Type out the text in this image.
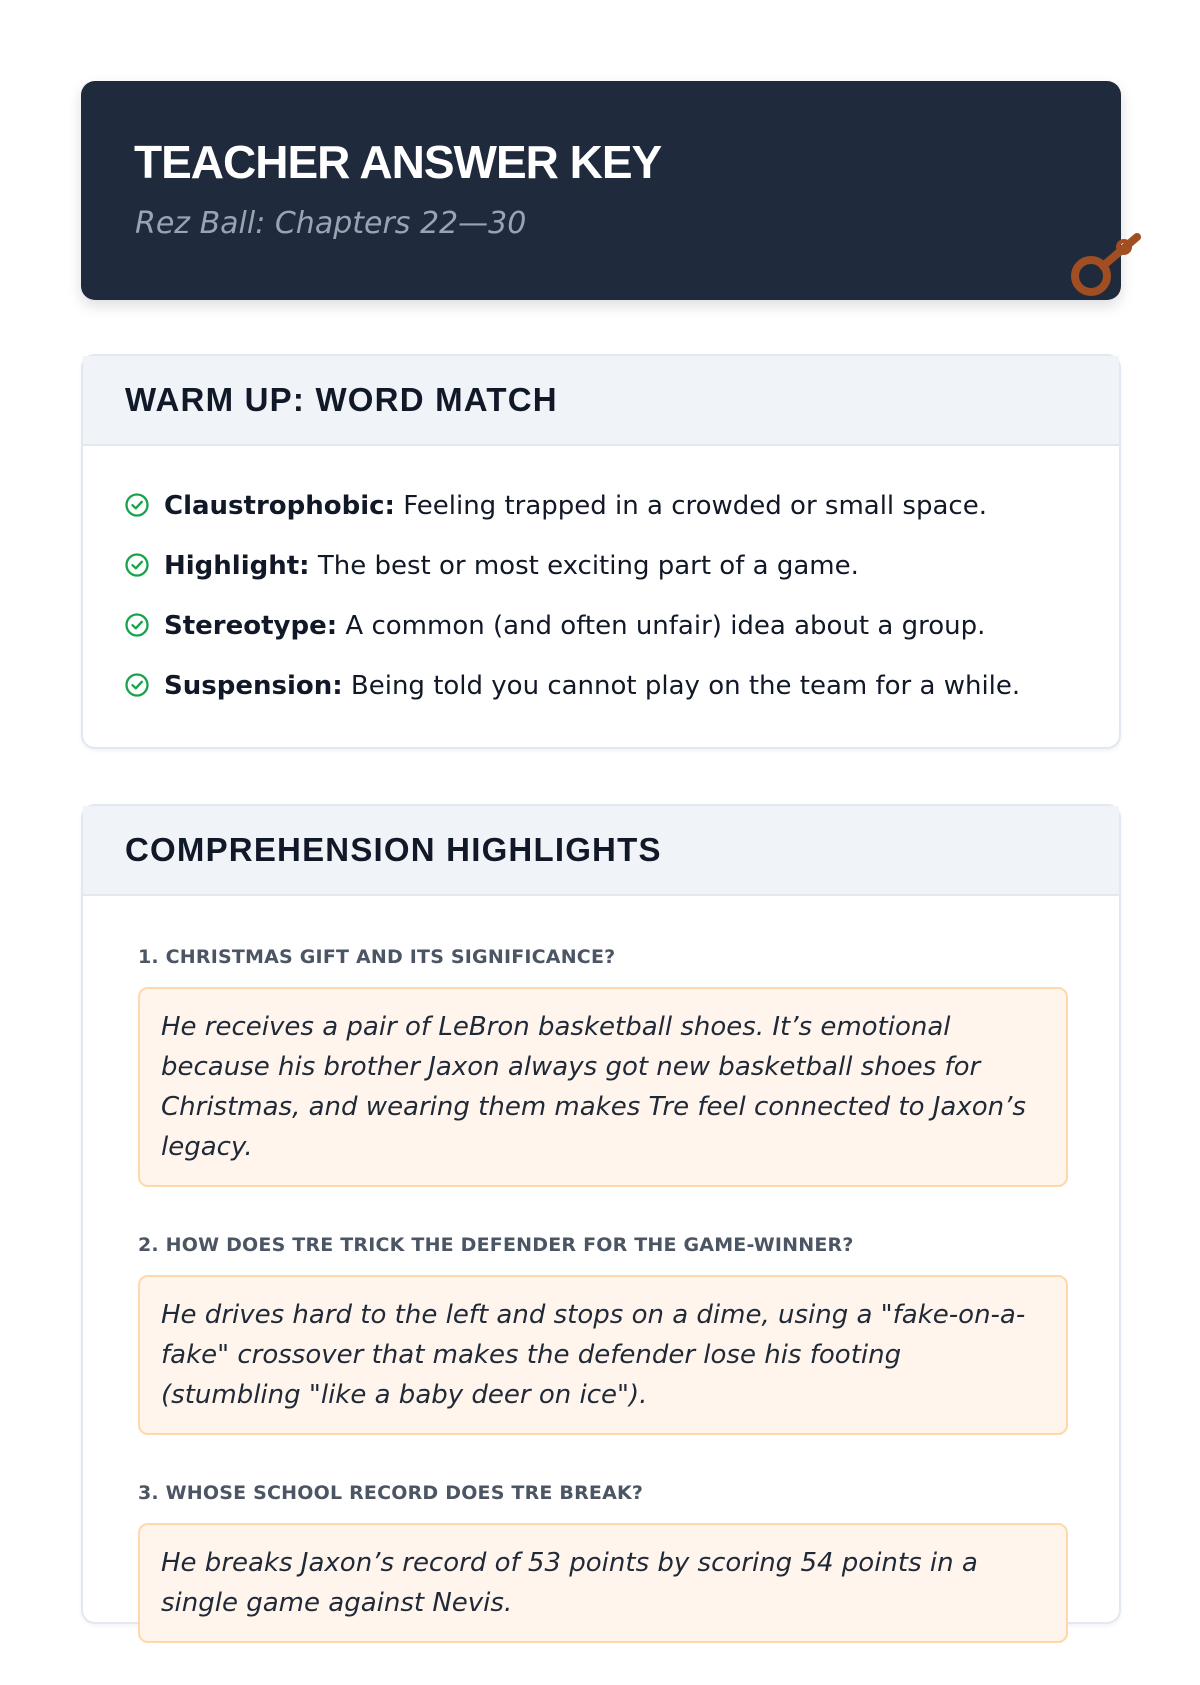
TEACHER ANSWER KEY

Rez Ball: Chapters 22—30

WARM UP: WORD MATCH
Claustrophobic: Feeling trapped in a crowded or small space.
Highlight: The best or most exciting part of a game.
Stereotype: A common (and often unfair) idea about a group.
Suspension: Being told you cannot play on the team for a while.
COMPREHENSION HIGHLIGHTS
1. CHRISTMAS GIFT AND ITS SIGNIFICANCE?
He receives a pair of LeBron basketball shoes. It’s emotional because his brother Jaxon always got new basketball shoes for Christmas, and wearing them makes Tre feel connected to Jaxon’s legacy.
2. HOW DOES TRE TRICK THE DEFENDER FOR THE GAME-WINNER?
He drives hard to the left and stops on a dime, using a "fake-on-a-fake" crossover that makes the defender lose his footing (stumbling "like a baby deer on ice").
3. WHOSE SCHOOL RECORD DOES TRE BREAK?
He breaks Jaxon’s record of 53 points by scoring 54 points in a single game against Nevis.
